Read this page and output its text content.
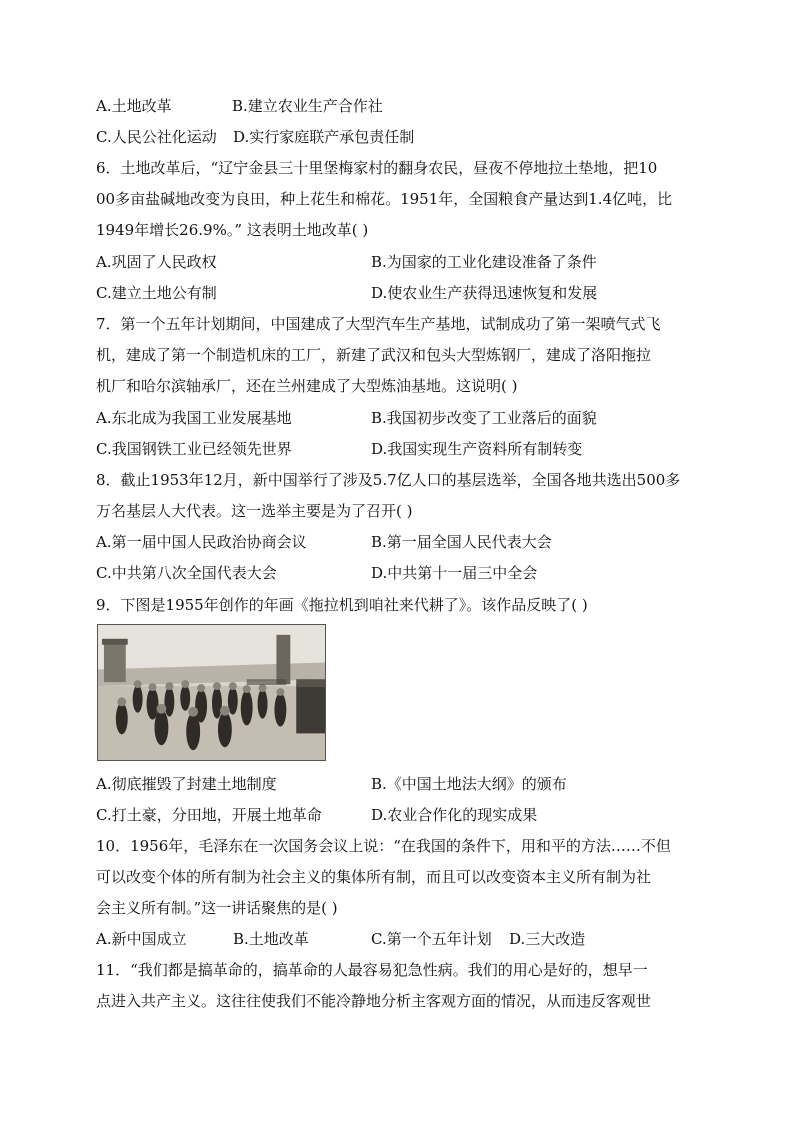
A.土地改革	B.建立农业生产合作社
C.人民公社化运动 D.实行家庭联产承包责任制
6．土地改革后，“辽宁金县三十里堡梅家村的翻身农民，昼夜不停地拉土垫地，把10
00多亩盐碱地改变为良田，种上花生和棉花。1951年，全国粮食产量达到1.4亿吨，比
1949年增长26.9%。” 这表明土地改革( )
A.巩固了人民政权	B.为国家的工业化建设准备了条件
C.建立土地公有制	D.使农业生产获得迅速恢复和发展
7．第一个五年计划期间，中国建成了大型汽车生产基地，试制成功了第一架喷气式飞
机，建成了第一个制造机床的工厂，新建了武汉和包头大型炼钢厂，建成了洛阳拖拉
机厂和哈尔滨轴承厂，还在兰州建成了大型炼油基地。这说明( )
A.东北成为我国工业发展基地	B.我国初步改变了工业落后的面貌
C.我国钢铁工业已经领先世界	D.我国实现生产资料所有制转变
8．截止1953年12月，新中国举行了涉及5.7亿人口的基层选举，全国各地共选出500多
万名基层人大代表。这一选举主要是为了召开( )
A.第一届中国人民政治协商会议	B.第一届全国人民代表大会
C.中共第八次全国代表大会	D.中共第十一届三中全会
9．下图是1955年创作的年画《拖拉机到咱社来代耕了》。该作品反映了( )
A.彻底摧毁了封建土地制度	B.《中国土地法大纲》的颁布
C.打土豪，分田地，开展土地革命	D.农业合作化的现实成果
10．1956年，毛泽东在一次国务会议上说：“在我国的条件下，用和平的方法……不但
可以改变个体的所有制为社会主义的集体所有制，而且可以改变资本主义所有制为社
会主义所有制。”这一讲话聚焦的是( )
A.新中国成立	B.土地改革	C.第一个五年计划 D.三大改造
11．“我们都是搞革命的，搞革命的人最容易犯急性病。我们的用心是好的，想早一
点进入共产主义。这往往使我们不能冷静地分析主客观方面的情况，从而违反客观世
